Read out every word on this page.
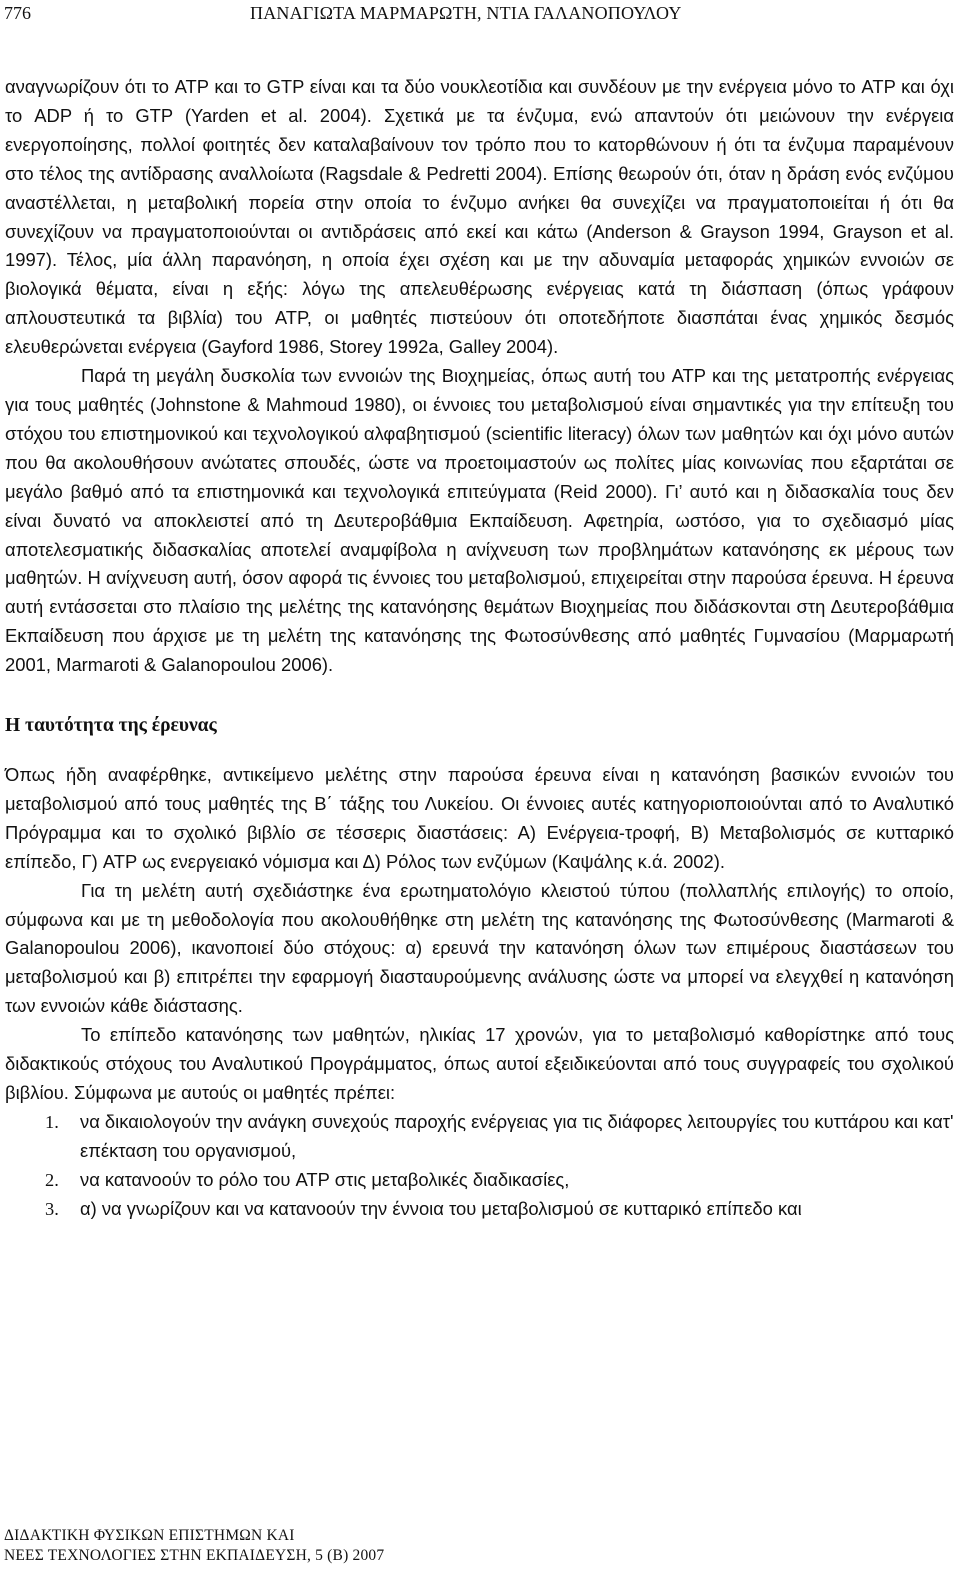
776	ΠΑΝΑΓΙΩΤΑ ΜΑΡΜΑΡΩΤΗ, ΝΤΙΑ ΓΑΛΑΝΟΠΟΥΛΟΥ

αναγνωρίζουν ότι το ATP και το GTP είναι και τα δύο νουκλεοτίδια και συνδέουν με την ενέργεια μόνο το ATP και όχι το ADP ή το GTP (Yarden et al. 2004). Σχετικά με τα ένζυμα, ενώ απαντούν ότι μειώνουν την ενέργεια ενεργοποίησης, πολλοί φοιτητές δεν καταλαβαίνουν τον τρόπο που το κατορθώνουν ή ότι τα ένζυμα παραμένουν στο τέλος της αντίδρασης αναλλοίωτα (Ragsdale & Pedretti 2004). Επίσης θεωρούν ότι, όταν η δράση ενός ενζύμου αναστέλλεται, η μεταβολική πορεία στην οποία το ένζυμο ανήκει θα συνεχίζει να πραγματοποιείται ή ότι θα συνεχίζουν να πραγματοποιούνται οι αντιδράσεις από εκεί και κάτω (Anderson & Grayson 1994, Grayson et al. 1997). Τέλος, μία άλλη παρανόηση, η οποία έχει σχέση και με την αδυναμία μεταφοράς χημικών εννοιών σε βιολογικά θέματα, είναι η εξής: λόγω της απελευθέρωσης ενέργειας κατά τη διάσπαση (όπως γράφουν απλουστευτικά τα βιβλία) του ATP, οι μαθητές πιστεύουν ότι οποτεδήποτε διασπάται ένας χημικός δεσμός ελευθερώνεται ενέργεια (Gayford 1986, Storey 1992a, Galley 2004).

Παρά τη μεγάλη δυσκολία των εννοιών της Βιοχημείας, όπως αυτή του ATP και της μετατροπής ενέργειας για τους μαθητές (Johnstone & Mahmoud 1980), οι έννοιες του μεταβολισμού είναι σημαντικές για την επίτευξη του στόχου του επιστημονικού και τεχνολογικού αλφαβητισμού (scientific literacy) όλων των μαθητών και όχι μόνο αυτών που θα ακολουθήσουν ανώτατες σπουδές, ώστε να προετοιμαστούν ως πολίτες μίας κοινωνίας που εξαρτάται σε μεγάλο βαθμό από τα επιστημονικά και τεχνολογικά επιτεύγματα (Reid 2000). Γι’ αυτό και η διδασκαλία τους δεν είναι δυνατό να αποκλειστεί από τη Δευτεροβάθμια Εκπαίδευση. Αφετηρία, ωστόσο, για το σχεδιασμό μίας αποτελεσματικής διδασκαλίας αποτελεί αναμφίβολα η ανίχνευση των προβλημάτων κατανόησης εκ μέρους των μαθητών. Η ανίχνευση αυτή, όσον αφορά τις έννοιες του μεταβολισμού, επιχειρείται στην παρούσα έρευνα. Η έρευνα αυτή εντάσσεται στο πλαίσιο της μελέτης της κατανόησης θεμάτων Βιοχημείας που διδάσκονται στη Δευτεροβάθμια Εκπαίδευση που άρχισε με τη μελέτη της κατανόησης της Φωτοσύνθεσης από μαθητές Γυμνασίου (Μαρμαρωτή 2001, Marmaroti & Galanopoulou 2006).

Η ταυτότητα της έρευνας

Όπως ήδη αναφέρθηκε, αντικείμενο μελέτης στην παρούσα έρευνα είναι η κατανόηση βασικών εννοιών του μεταβολισμού από τους μαθητές της Β΄ τάξης του Λυκείου. Οι έννοιες αυτές κατηγοριοποιούνται από το Αναλυτικό Πρόγραμμα και το σχολικό βιβλίο σε τέσσερις διαστάσεις: Α) Ενέργεια-τροφή, Β) Μεταβολισμός σε κυτταρικό επίπεδο, Γ) ATP ως ενεργειακό νόμισμα και Δ) Ρόλος των ενζύμων (Καψάλης κ.ά. 2002).

Για τη μελέτη αυτή σχεδιάστηκε ένα ερωτηματολόγιο κλειστού τύπου (πολλαπλής επιλογής) το οποίο, σύμφωνα και με τη μεθοδολογία που ακολουθήθηκε στη μελέτη της κατανόησης της Φωτοσύνθεσης (Marmaroti & Galanopoulou 2006), ικανοποιεί δύο στόχους: α) ερευνά την κατανόηση όλων των επιμέρους διαστάσεων του μεταβολισμού και β) επιτρέπει την εφαρμογή διασταυρούμενης ανάλυσης ώστε να μπορεί να ελεγχθεί η κατανόηση των εννοιών κάθε διάστασης.

Το επίπεδο κατανόησης των μαθητών, ηλικίας 17 χρονών, για το μεταβολισμό καθορίστηκε από τους διδακτικούς στόχους του Αναλυτικού Προγράμματος, όπως αυτοί εξειδικεύονται από τους συγγραφείς του σχολικού βιβλίου. Σύμφωνα με αυτούς οι μαθητές πρέπει:

1. να δικαιολογούν την ανάγκη συνεχούς παροχής ενέργειας για τις διάφορες λειτουργίες του κυττάρου και κατ' επέκταση του οργανισμού,
2. να κατανοούν το ρόλο του ATP στις μεταβολικές διαδικασίες,
3. α) να γνωρίζουν και να κατανοούν την έννοια του μεταβολισμού σε κυτταρικό επίπεδο και
ΔΙΔΑΚΤΙΚΗ ΦΥΣΙΚΩΝ ΕΠΙΣΤΗΜΩΝ ΚΑΙ
ΝΕΕΣ ΤΕΧΝΟΛΟΓΙΕΣ ΣΤΗΝ ΕΚΠΑΙΔΕΥΣΗ, 5 (Β) 2007
